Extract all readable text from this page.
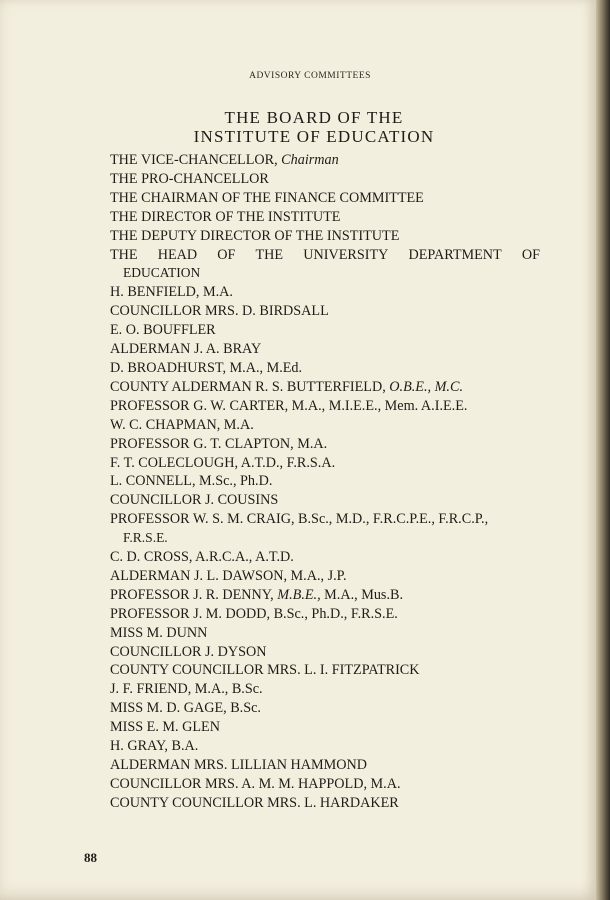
ADVISORY COMMITTEES
THE BOARD OF THE
INSTITUTE OF EDUCATION
THE VICE-CHANCELLOR, Chairman
THE PRO-CHANCELLOR
THE CHAIRMAN OF THE FINANCE COMMITTEE
THE DIRECTOR OF THE INSTITUTE
THE DEPUTY DIRECTOR OF THE INSTITUTE
THE HEAD OF THE UNIVERSITY DEPARTMENT OF
EDUCATION
H. BENFIELD, M.A.
COUNCILLOR MRS. D. BIRDSALL
E. O. BOUFFLER
ALDERMAN J. A. BRAY
D. BROADHURST, M.A., M.Ed.
COUNTY ALDERMAN R. S. BUTTERFIELD, O.B.E., M.C.
PROFESSOR G. W. CARTER, M.A., M.I.E.E., Mem. A.I.E.E.
W. C. CHAPMAN, M.A.
PROFESSOR G. T. CLAPTON, M.A.
F. T. COLECLOUGH, A.T.D., F.R.S.A.
L. CONNELL, M.Sc., Ph.D.
COUNCILLOR J. COUSINS
PROFESSOR W. S. M. CRAIG, B.Sc., M.D., F.R.C.P.E., F.R.C.P.,
F.R.S.E.
C. D. CROSS, A.R.C.A., A.T.D.
ALDERMAN J. L. DAWSON, M.A., J.P.
PROFESSOR J. R. DENNY, M.B.E., M.A., Mus.B.
PROFESSOR J. M. DODD, B.Sc., Ph.D., F.R.S.E.
MISS M. DUNN
COUNCILLOR J. DYSON
COUNTY COUNCILLOR MRS. L. I. FITZPATRICK
J. F. FRIEND, M.A., B.Sc.
MISS M. D. GAGE, B.Sc.
MISS E. M. GLEN
H. GRAY, B.A.
ALDERMAN MRS. LILLIAN HAMMOND
COUNCILLOR MRS. A. M. M. HAPPOLD, M.A.
COUNTY COUNCILLOR MRS. L. HARDAKER
88
